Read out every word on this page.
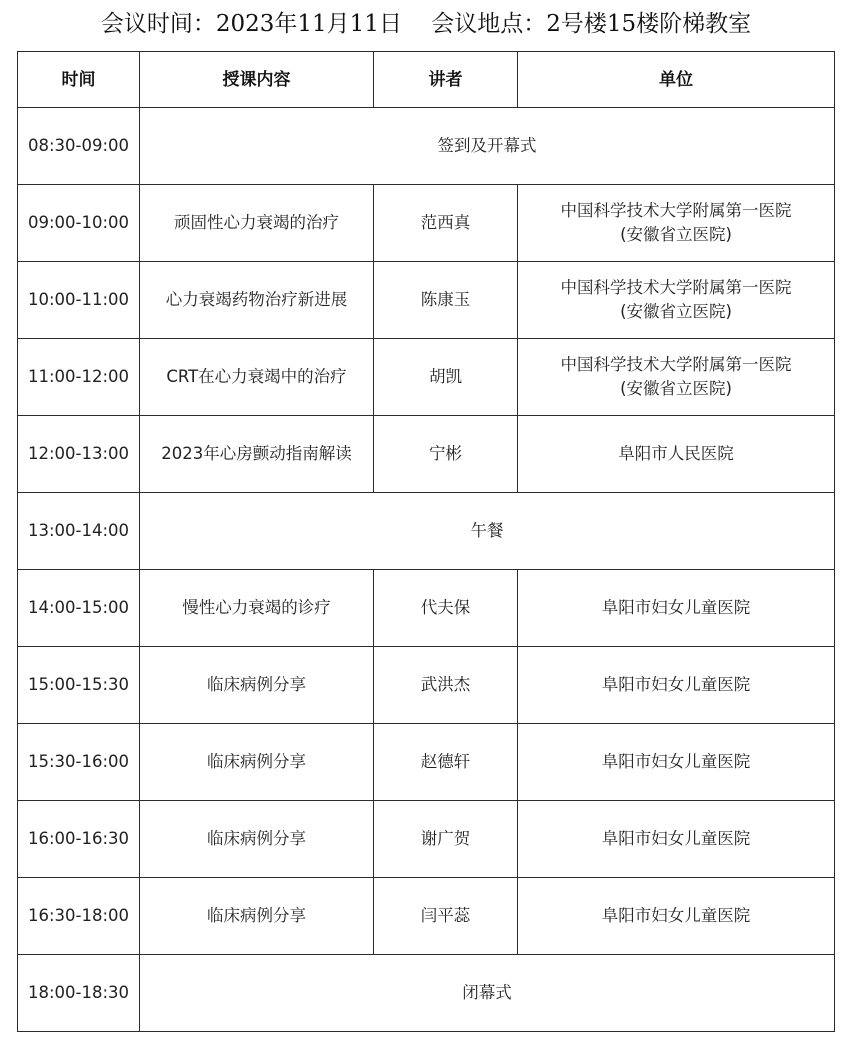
会议时间：2023年11月11日 会议地点：2号楼15楼阶梯教室
时间	授课内容	讲者	单位
08:30-09:00	签到及开幕式		
09:00-10:00	顽固性心力衰竭的治疗	范西真	中国科学技术大学附属第一医院
(安徽省立医院)

10:00-11:00	心力衰竭药物治疗新进展	陈康玉	中国科学技术大学附属第一医院
(安徽省立医院)

11:00-12:00	CRT在心力衰竭中的治疗	胡凯	中国科学技术大学附属第一医院
(安徽省立医院)

12:00-13:00	2023年心房颤动指南解读	宁彬	阜阳市人民医院

13:00-14:00	午餐		
14:00-15:00	慢性心力衰竭的诊疗	代夫保	阜阳市妇女儿童医院

15:00-15:30	临床病例分享	武洪杰	阜阳市妇女儿童医院

15:30-16:00	临床病例分享	赵德轩	阜阳市妇女儿童医院

16:00-16:30	临床病例分享	谢广贺	阜阳市妇女儿童医院

16:30-18:00	临床病例分享	闫平蕊	阜阳市妇女儿童医院

18:00-18:30	闭幕式		
